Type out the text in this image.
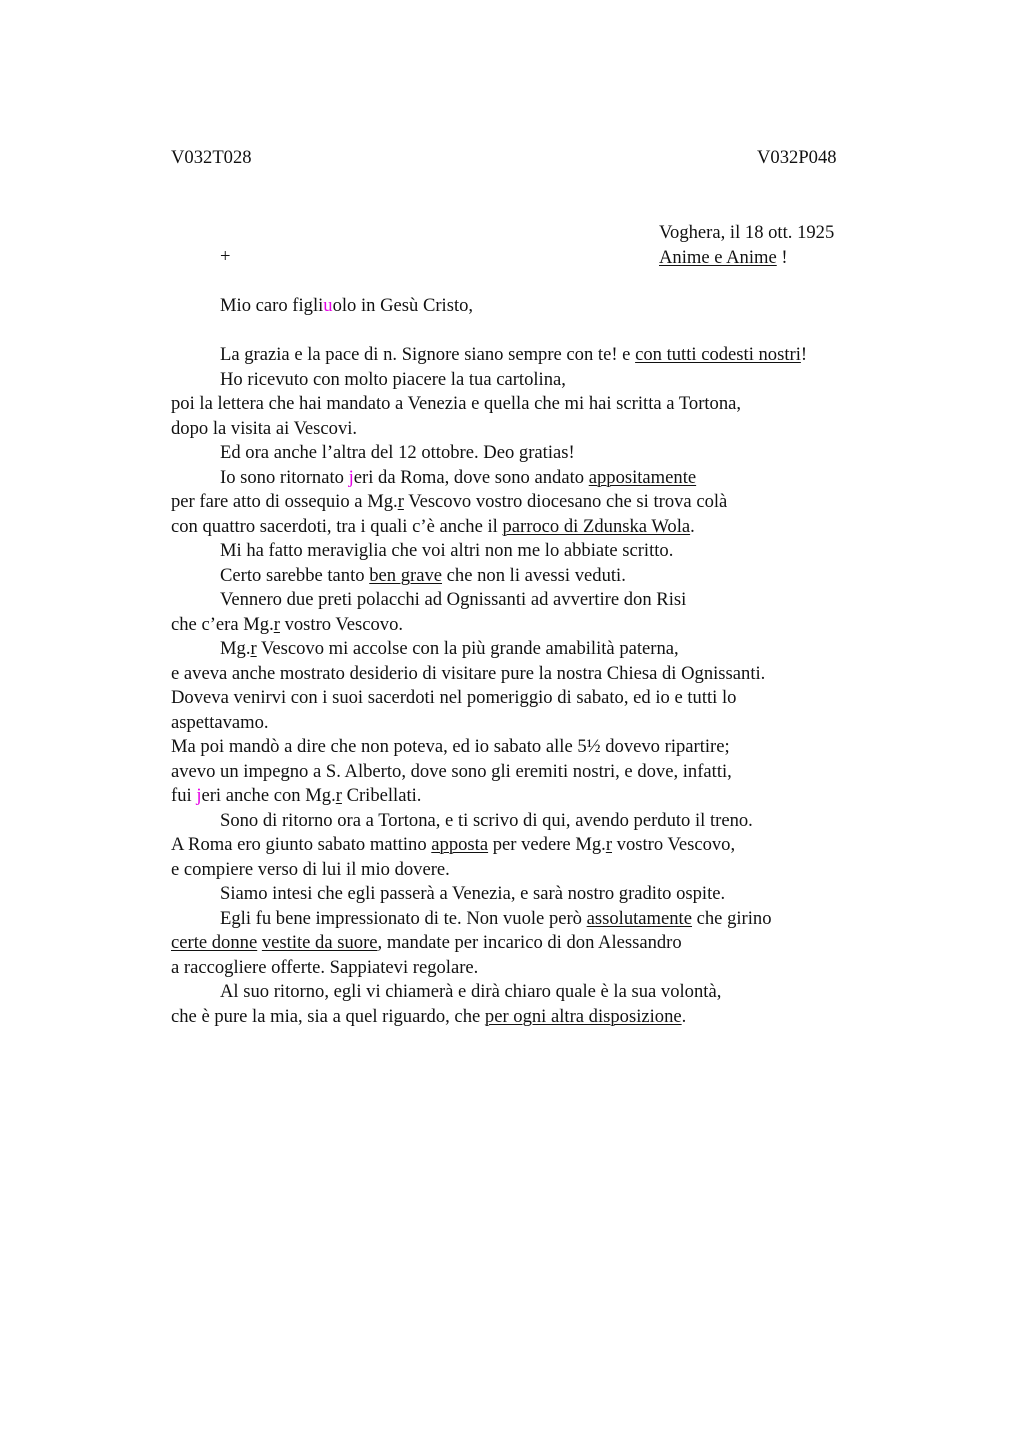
V032T028	V032P048
Voghera, il 18 ott. 1925
Anime e Anime !
+
Mio caro figliuolo in Gesù Cristo,
La grazia e la pace di n. Signore siano sempre con te! e con tutti codesti nostri!
Ho ricevuto con molto piacere la tua cartolina,
poi la lettera che hai mandato a Venezia e quella che mi hai scritta a Tortona,
dopo la visita ai Vescovi.
Ed ora anche l’altra del 12 ottobre. Deo gratias!
Io sono ritornato jeri da Roma, dove sono andato appositamente
per fare atto di ossequio a Mg.r Vescovo vostro diocesano che si trova colà
con quattro sacerdoti, tra i quali c’è anche il parroco di Zdunska Wola.
Mi ha fatto meraviglia che voi altri non me lo abbiate scritto.
Certo sarebbe tanto ben grave che non li avessi veduti.
Vennero due preti polacchi ad Ognissanti ad avvertire don Risi
che c’era Mg.r vostro Vescovo.
Mg.r Vescovo mi accolse con la più grande amabilità paterna,
e aveva anche mostrato desiderio di visitare pure la nostra Chiesa di Ognissanti.
Doveva venirvi con i suoi sacerdoti nel pomeriggio di sabato, ed io e tutti lo
aspettavamo.
Ma poi mandò a dire che non poteva, ed io sabato alle 5½ dovevo ripartire;
avevo un impegno a S. Alberto, dove sono gli eremiti nostri, e dove, infatti,
fui jeri anche con Mg.r Cribellati.
Sono di ritorno ora a Tortona, e ti scrivo di qui, avendo perduto il treno.
A Roma ero giunto sabato mattino apposta per vedere Mg.r vostro Vescovo,
e compiere verso di lui il mio dovere.
Siamo intesi che egli passerà a Venezia, e sarà nostro gradito ospite.
Egli fu bene impressionato di te. Non vuole però assolutamente che girino
certe donne vestite da suore, mandate per incarico di don Alessandro
a raccogliere offerte. Sappiatevi regolare.
Al suo ritorno, egli vi chiamerà e dirà chiaro quale è la sua volontà,
che è pure la mia, sia a quel riguardo, che per ogni altra disposizione.
